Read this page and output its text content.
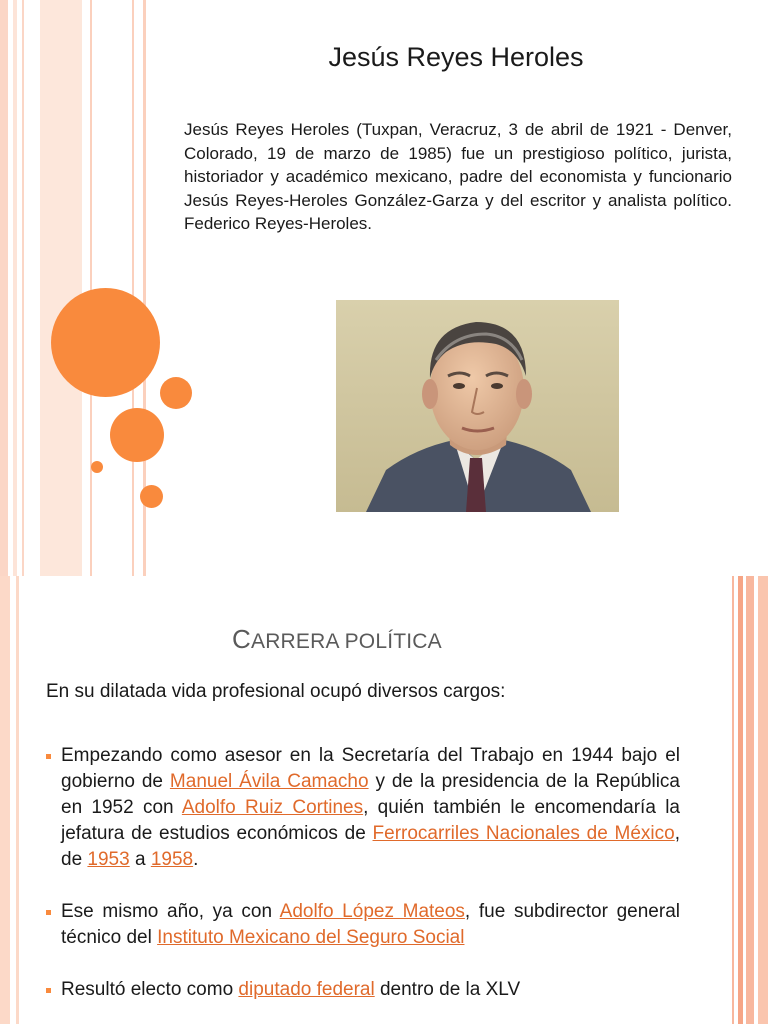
Jesús Reyes Heroles
Jesús Reyes Heroles (Tuxpan, Veracruz, 3 de abril de 1921 - Denver, Colorado, 19 de marzo de 1985) fue un prestigioso político, jurista, historiador y académico mexicano, padre del economista y funcionario Jesús Reyes-Heroles González-Garza y del escritor y analista político. Federico Reyes-Heroles.
CARRERA POLÍTICA
En su dilatada vida profesional ocupó diversos cargos:
Empezando como asesor en la Secretaría del Trabajo en 1944 bajo el gobierno de Manuel Ávila Camacho y de la presidencia de la República en 1952 con Adolfo Ruiz Cortines, quién también le encomendaría la jefatura de estudios económicos de Ferrocarriles Nacionales de México, de 1953 a 1958.
Ese mismo año, ya con Adolfo López Mateos, fue subdirector general técnico del Instituto Mexicano del Seguro Social
Resultó electo como diputado federal dentro de la XLV
